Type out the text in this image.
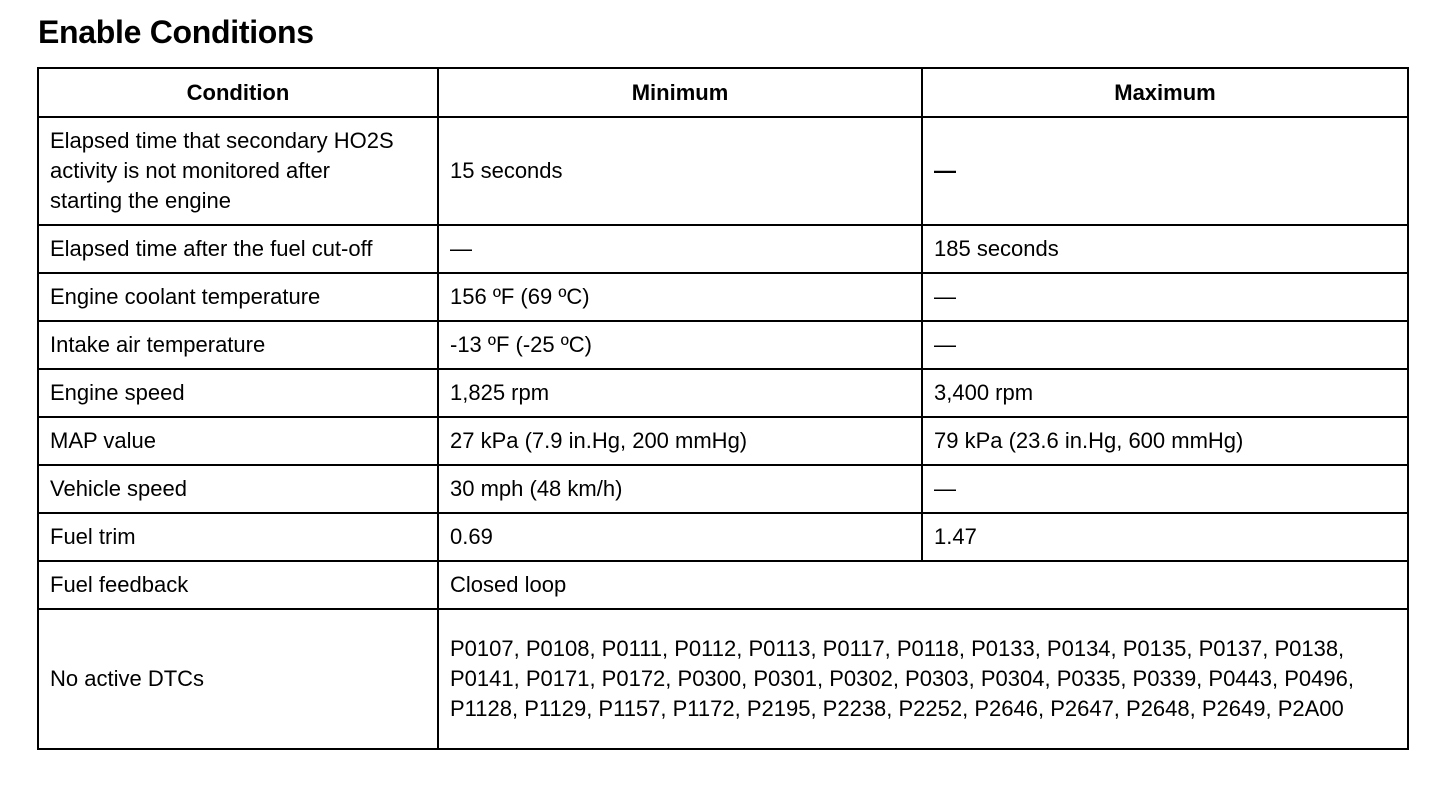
Enable Conditions
Condition	Minimum	Maximum
Elapsed time that secondary HO2S activity is not monitored after starting the engine	15 seconds	—
Elapsed time after the fuel cut-off	—	185 seconds
Engine coolant temperature	156 ºF (69 ºC)	—
Intake air temperature	-13 ºF (-25 ºC)	—
Engine speed	1,825 rpm	3,400 rpm
MAP value	27 kPa (7.9 in.Hg, 200 mmHg)	79 kPa (23.6 in.Hg, 600 mmHg)
Vehicle speed	30 mph (48 km/h)	—
Fuel trim	0.69	1.47
Fuel feedback	Closed loop	
No active DTCs	P0107, P0108, P0111, P0112, P0113, P0117, P0118, P0133, P0134, P0135, P0137, P0138, P0141, P0171, P0172, P0300, P0301, P0302, P0303, P0304, P0335, P0339, P0443, P0496, P1128, P1129, P1157, P1172, P2195, P2238, P2252, P2646, P2647, P2648, P2649, P2A00	
